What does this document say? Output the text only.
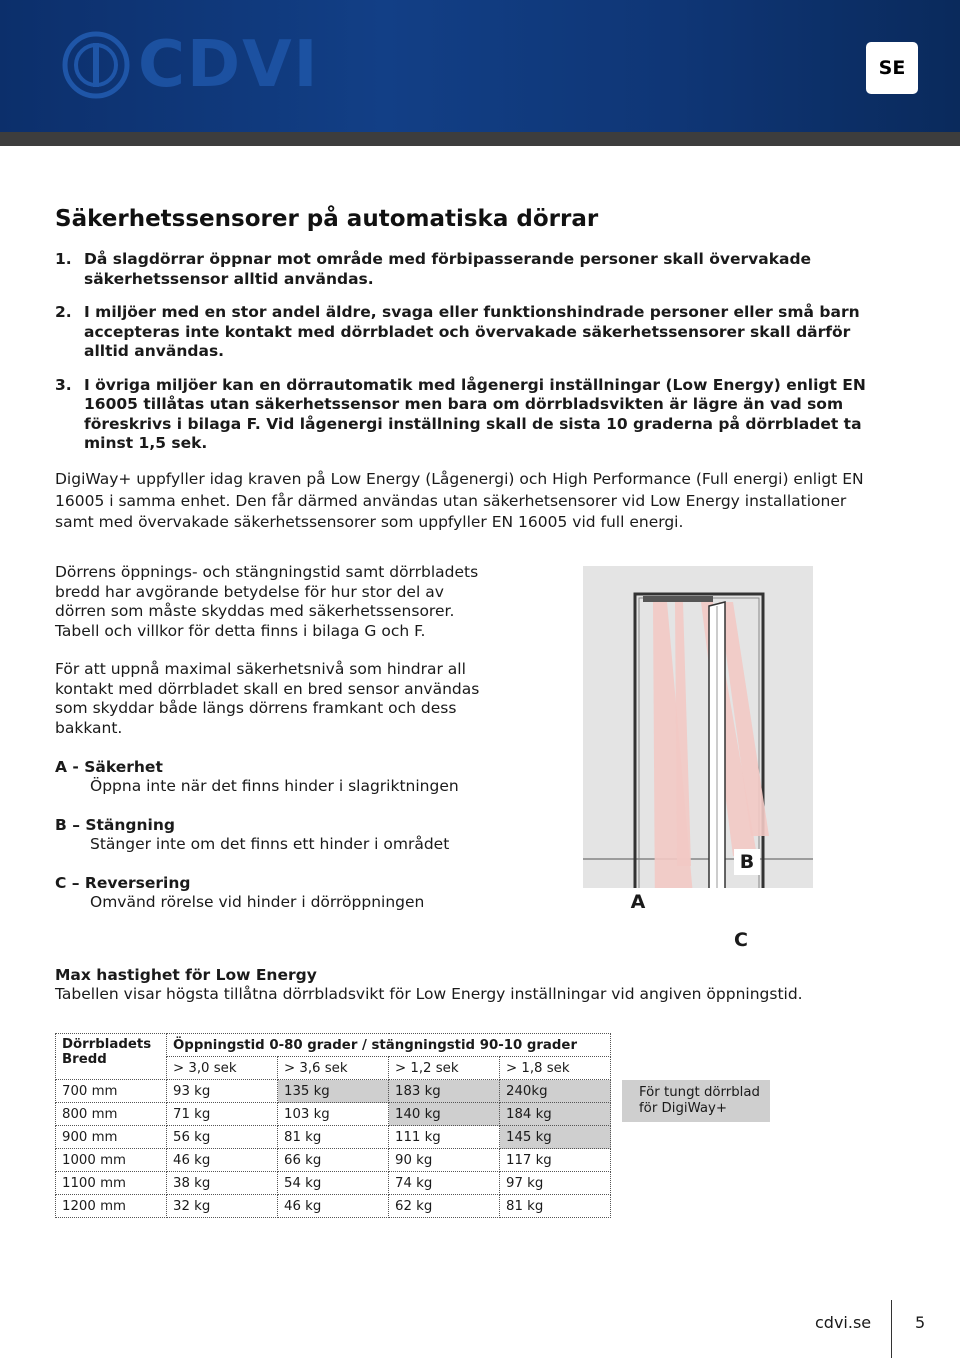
CDVI	SE
Säkerhetssensorer på automatiska dörrar
1. Då slagdörrar öppnar mot område med förbipasserande personer skall övervakade
säkerhetssensor alltid användas.
2. I miljöer med en stor andel äldre, svaga eller funktionshindrade personer eller små barn
accepteras inte kontakt med dörrbladet och övervakade säkerhetssensorer skall därför
alltid användas.
3. I övriga miljöer kan en dörrautomatik med lågenergi inställningar (Low Energy) enligt EN
16005 tillåtas utan säkerhetssensor men bara om dörrbladsvikten är lägre än vad som
föreskrivs i bilaga F. Vid lågenergi inställning skall de sista 10 graderna på dörrbladet ta
minst 1,5 sek.
DigiWay+ uppfyller idag kraven på Low Energy (Lågenergi) och High Performance (Full energi) enligt EN
16005 i samma enhet. Den får därmed användas utan säkerhetsensorer vid Low Energy installationer
samt med övervakade säkerhetssensorer som uppfyller EN 16005 vid full energi.
Dörrens öppnings- och stängningstid samt dörrbladets
bredd har avgörande betydelse för hur stor del av
dörren som måste skyddas med säkerhetssensorer.
Tabell och villkor för detta finns i bilaga G och F.
För att uppnå maximal säkerhetsnivå som hindrar all
kontakt med dörrbladet skall en bred sensor användas
som skyddar både längs dörrens framkant och dess
bakkant.
A - Säkerhet
Öppna inte när det finns hinder i slagriktningen
B – Stängning
Stänger inte om det finns ett hinder i området
C – Reversering
Omvänd rörelse vid hinder i dörröppningen	A
B
C
Max hastighet för Low Energy
Tabellen visar högsta tillåtna dörrbladsvikt för Low Energy inställningar vid angiven öppningstid.
Dörrbladets Bredd	Öppningstid 0-80 grader / stängningstid 90-10 grader			
	> 3,0 sek	> 3,6 sek	> 1,2 sek	> 1,8 sek
700 mm	93 kg	135 kg	183 kg	240kg
800 mm	71 kg	103 kg	140 kg	184 kg
900 mm	56 kg	81 kg	111 kg	145 kg
1000 mm	46 kg	66 kg	90 kg	117 kg
1100 mm	38 kg	54 kg	74 kg	97 kg
1200 mm	32 kg	46 kg	62 kg	81 kg
För tungt dörrblad
för DigiWay+
cdvi.se	5
